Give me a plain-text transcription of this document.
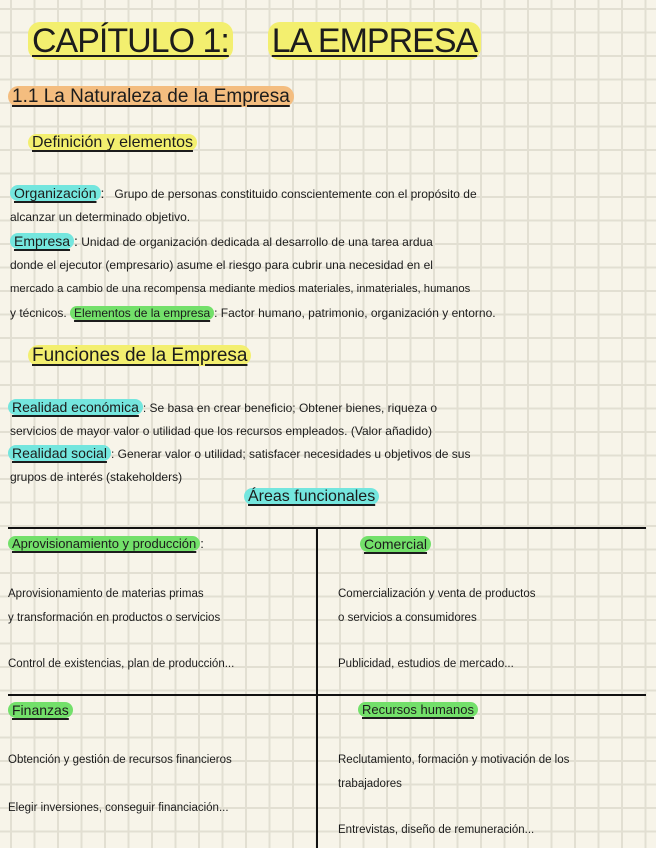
CAPÍTULO 1: LA EMPRESA
1.1 La Naturaleza de la Empresa
Definición y elementos
Organización : Grupo de personas constituido conscientemente con el propósito de
alcanzar un determinado objetivo.
Empresa : Unidad de organización dedicada al desarrollo de una tarea ardua
donde el ejecutor (empresario) asume el riesgo para cubrir una necesidad en el
mercado a cambio de una recompensa mediante medios materiales, inmateriales, humanos
y técnicos. Elementos de la empresa : Factor humano, patrimonio, organización y entorno.
Funciones de la Empresa
Realidad económica : Se basa en crear beneficio; Obtener bienes, riqueza o
servicios de mayor valor o utilidad que los recursos empleados. (Valor añadido)
Realidad social : Generar valor o utilidad; satisfacer necesidades u objetivos de sus
grupos de interés (stakeholders)
Áreas funcionales
Aprovisionamiento y producción :
Aprovisionamiento de materias primas
y transformación en productos o servicios
Control de existencias, plan de producción...
Comercial
Comercialización y venta de productos
o servicios a consumidores
Publicidad, estudios de mercado...
Finanzas
Obtención y gestión de recursos financieros
Elegir inversiones, conseguir financiación...
Recursos humanos
Reclutamiento, formación y motivación de los
trabajadores
Entrevistas, diseño de remuneración...
